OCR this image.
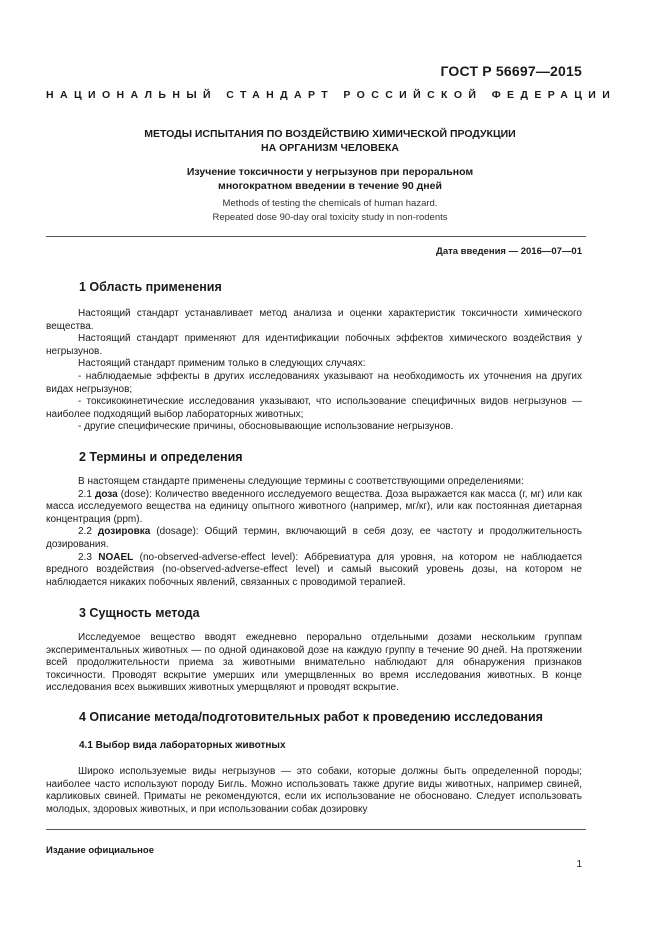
ГОСТ Р 56697—2015
НАЦИОНАЛЬНЫЙ СТАНДАРТ РОССИЙСКОЙ ФЕДЕРАЦИИ
МЕТОДЫ ИСПЫТАНИЯ ПО ВОЗДЕЙСТВИЮ ХИМИЧЕСКОЙ ПРОДУКЦИИ
НА ОРГАНИЗМ ЧЕЛОВЕКА
Изучение токсичности у негрызунов при пероральном
многократном введении в течение 90 дней
Methods of testing the chemicals of human hazard.
Repeated dose 90-day oral toxicity study in non-rodents
Дата введения — 2016—07—01
1 Область применения

Настоящий стандарт устанавливает метод анализа и оценки характеристик токсичности химического вещества.

Настоящий стандарт применяют для идентификации побочных эффектов химического воздействия у негрызунов.

Настоящий стандарт применим только в следующих случаях:

- наблюдаемые эффекты в других исследованиях указывают на необходимость их уточнения на других видах негрызунов;

- токсикокинетические исследования указывают, что использование специфичных видов негрызунов — наиболее подходящий выбор лабораторных животных;

- другие специфические причины, обосновывающие использование негрызунов.

2 Термины и определения

В настоящем стандарте применены следующие термины с соответствующими определениями:

2.1 доза (dose): Количество введенного исследуемого вещества. Доза выражается как масса (г, мг) или как масса исследуемого вещества на единицу опытного животного (например, мг/кг), или как постоянная диетарная концентрация (ppm).

2.2 дозировка (dosage): Общий термин, включающий в себя дозу, ее частоту и продолжительность дозирования.

2.3 NOAEL (no-observed-adverse-effect level): Аббревиатура для уровня, на котором не наблюдается вредного воздействия (no-observed-adverse-effect level) и самый высокий уровень дозы, на котором не наблюдается никаких побочных явлений, связанных с проводимой терапией.

3 Сущность метода

Исследуемое вещество вводят ежедневно перорально отдельными дозами нескольким группам экспериментальных животных — по одной одинаковой дозе на каждую группу в течение 90 дней. На протяжении всей продолжительности приема за животными внимательно наблюдают для обнаружения признаков токсичности. Проводят вскрытие умерших или умерщвленных во время исследования животных. В конце исследования всех выживших животных умерщвляют и проводят вскрытие.

4 Описание метода/подготовительных работ к проведению исследования
4.1 Выбор вида лабораторных животных

Широко используемые виды негрызунов — это собаки, которые должны быть определенной породы; наиболее часто используют породу Бигль. Можно использовать также другие виды животных, например свиней, карликовых свиней. Приматы не рекомендуются, если их использование не обосновано. Следует использовать молодых, здоровых животных, и при использовании собак дозировку

Издание официальное
1
